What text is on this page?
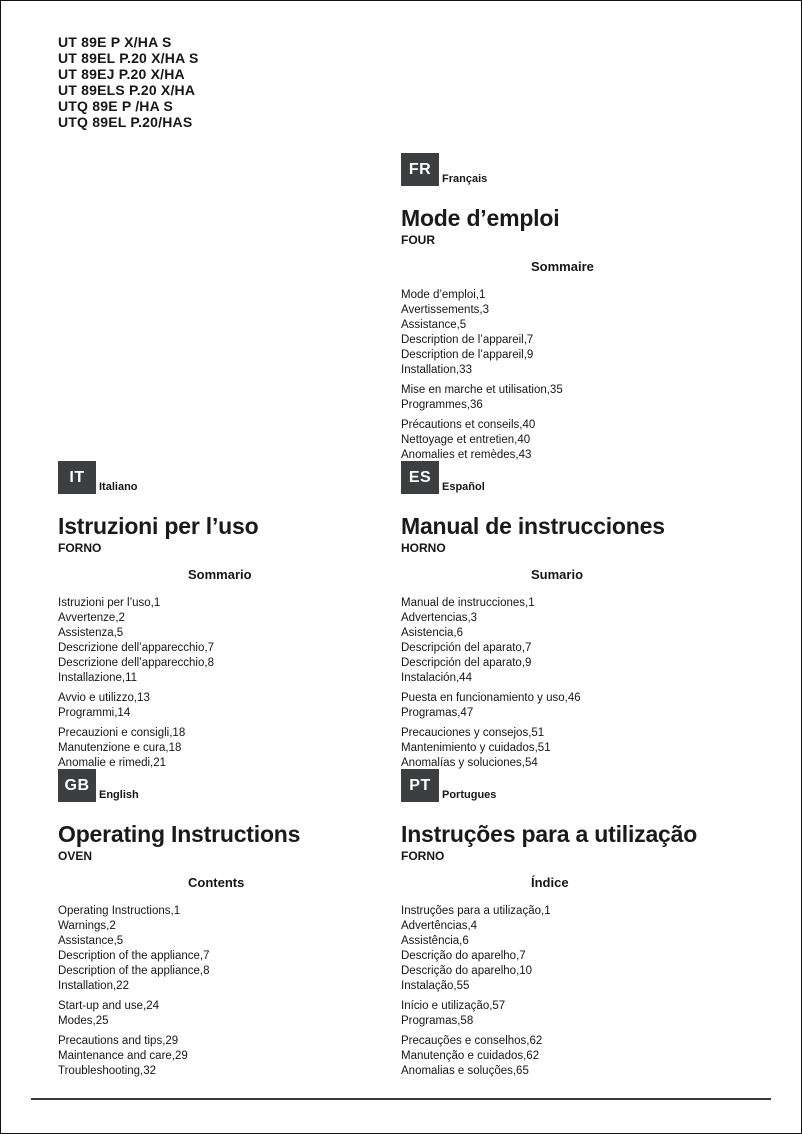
UT 89E P X/HA S
UT 89EL P.20 X/HA S
UT 89EJ P.20 X/HA
UT 89ELS P.20 X/HA
UTQ 89E P /HA S
UTQ 89EL P.20/HAS
FR
Français
Mode d’emploi
FOUR
Sommaire
Mode d’emploi,1
Avertissements,3
Assistance,5
Description de l’appareil,7
Description de l’appareil,9
Installation,33
Mise en marche et utilisation,35
Programmes,36
Précautions et conseils,40
Nettoyage et entretien,40
Anomalies et remèdes,43
IT
Italiano
Istruzioni per l’uso
FORNO
Sommario
Istruzioni per l’uso,1
Avvertenze,2
Assistenza,5
Descrizione dell’apparecchio,7
Descrizione dell’apparecchio,8
Installazione,11
Avvio e utilizzo,13
Programmi,14
Precauzioni e consigli,18
Manutenzione e cura,18
Anomalie e rimedi,21
ES
Español
Manual de instrucciones
HORNO
Sumario
Manual de instrucciones,1
Advertencias,3
Asistencia,6
Descripción del aparato,7
Descripción del aparato,9
Instalación,44
Puesta en funcionamiento y uso,46
Programas,47
Precauciones y consejos,51
Mantenimiento y cuidados,51
Anomalías y soluciones,54
GB
English
Operating Instructions
OVEN
Contents
Operating Instructions,1
Warnings,2
Assistance,5
Description of the appliance,7
Description of the appliance,8
Installation,22
Start-up and use,24
Modes,25
Precautions and tips,29
Maintenance and care,29
Troubleshooting,32
PT
Portugues
Instruções para a utilização
FORNO
Índice
Instruções para a utilização,1
Advertências,4
Assistência,6
Descrição do aparelho,7
Descrição do aparelho,10
Instalação,55
Início e utilização,57
Programas,58
Precauções e conselhos,62
Manutenção e cuidados,62
Anomalias e soluções,65
